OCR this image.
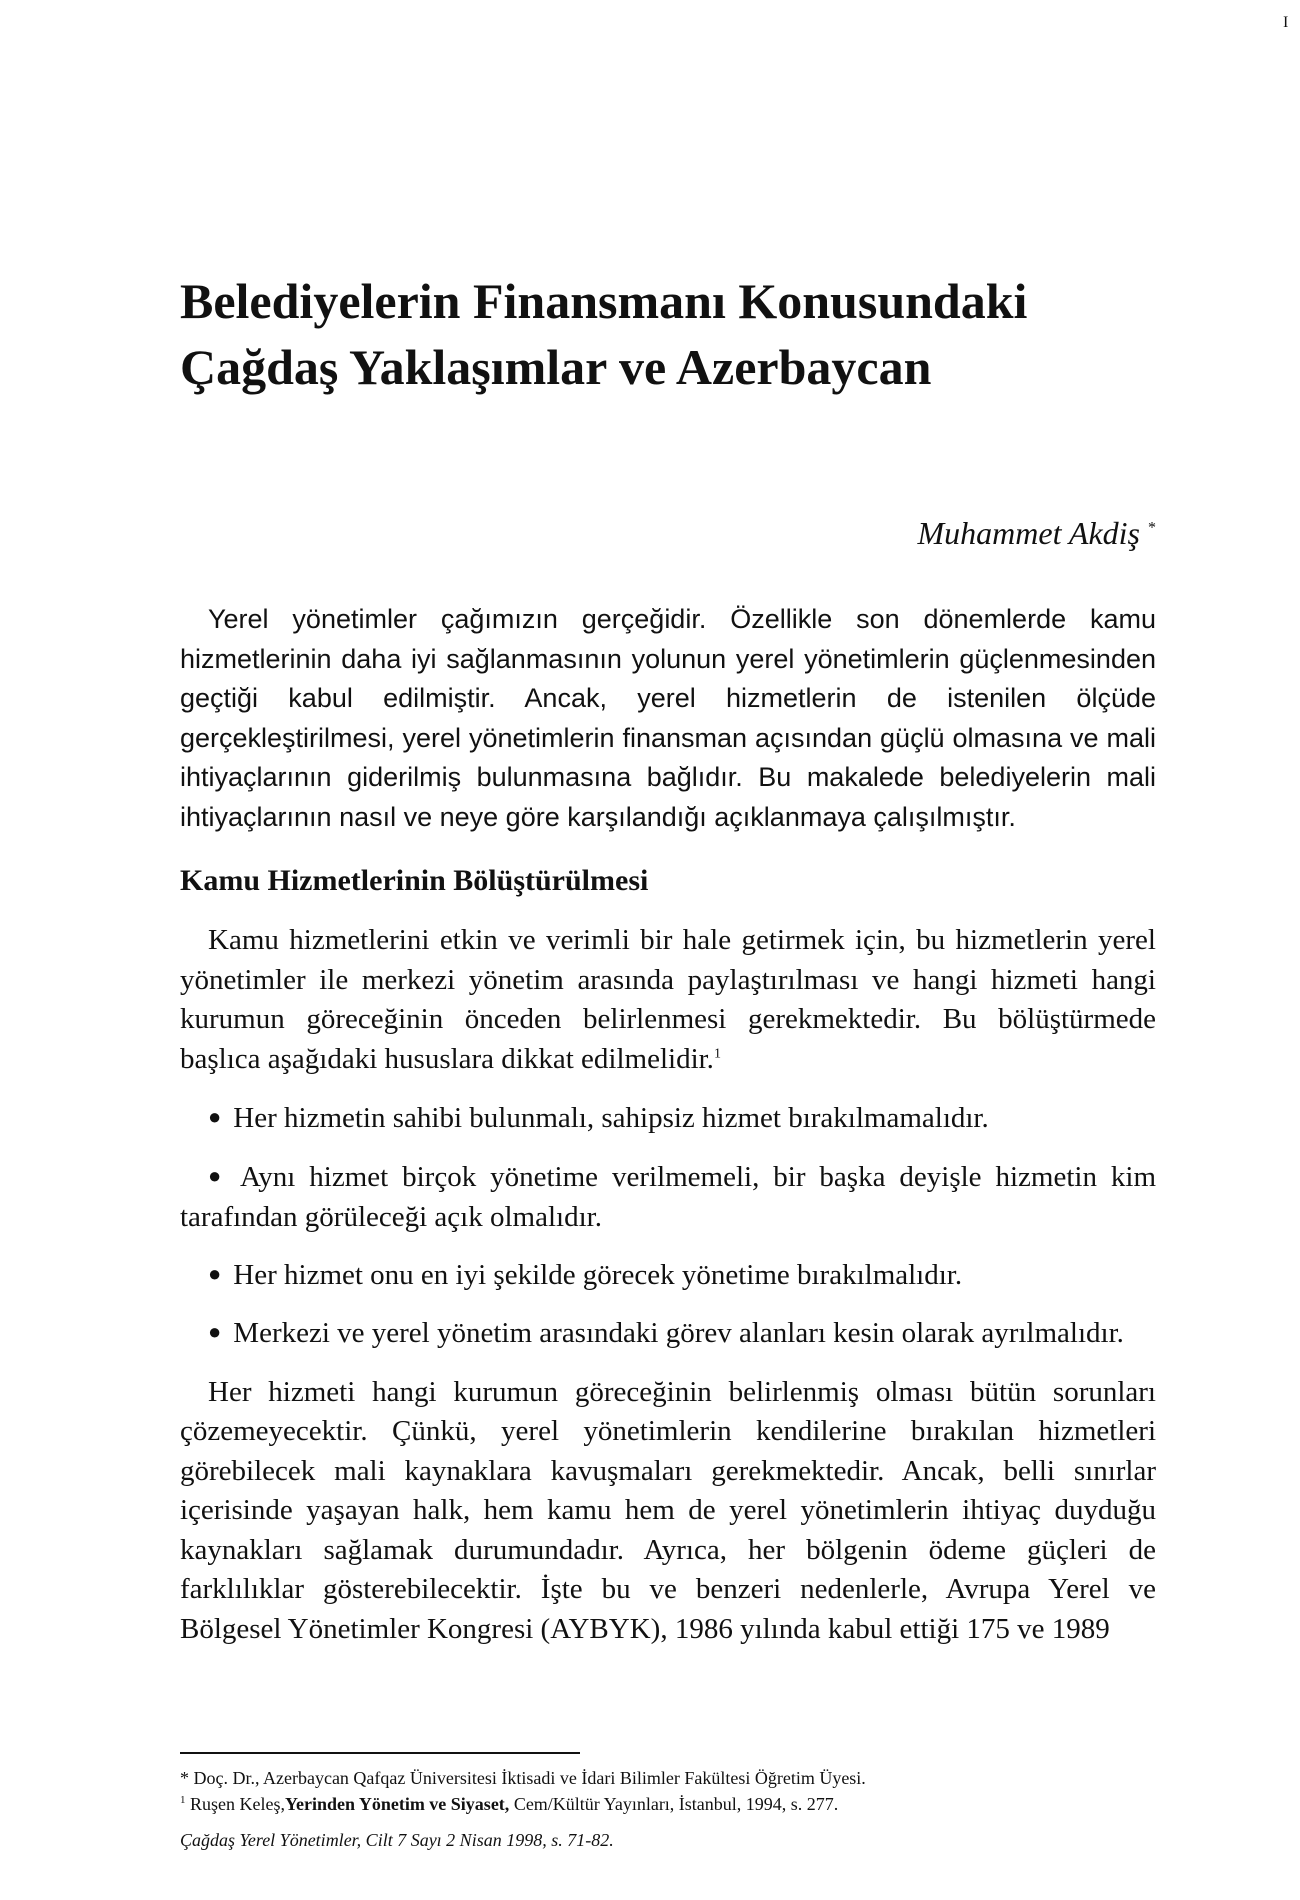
I
Belediyelerin Finansmanı Konusundaki
Çağdaş Yaklaşımlar ve Azerbaycan

Muhammet Akdiş *

Yerel yönetimler çağımızın gerçeğidir. Özellikle son dönemlerde kamu hizmetlerinin daha iyi sağlanmasının yolunun yerel yönetimlerin güçlenmesinden geçtiği kabul edilmiştir. Ancak, yerel hizmetlerin de istenilen ölçüde gerçekleştirilmesi, yerel yönetimlerin finansman açısından güçlü olmasına ve mali ihtiyaçlarının giderilmiş bulunmasına bağlıdır. Bu makalede belediyelerin mali ihtiyaçlarının nasıl ve neye göre karşılandığı açıklanmaya çalışılmıştır.

Kamu Hizmetlerinin Bölüştürülmesi

Kamu hizmetlerini etkin ve verimli bir hale getirmek için, bu hizmetlerin yerel yönetimler ile merkezi yönetim arasında paylaştırılması ve hangi hizmeti hangi kurumun göreceğinin önceden belirlenmesi gerekmektedir. Bu bölüştürmede başlıca aşağıdaki hususlara dikkat edilmelidir.$^1$

● Her hizmetin sahibi bulunmalı, sahipsiz hizmet bırakılmamalıdır.
● Aynı hizmet birçok yönetime verilmemeli, bir başka deyişle hizmetin kim tarafından görüleceği açık olmalıdır.
● Her hizmet onu en iyi şekilde görecek yönetime bırakılmalıdır.
● Merkezi ve yerel yönetim arasındaki görev alanları kesin olarak ayrılmalıdır.

Her hizmeti hangi kurumun göreceğinin belirlenmiş olması bütün sorunları çözemeyecektir. Çünkü, yerel yönetimlerin kendilerine bırakılan hizmetleri görebilecek mali kaynaklara kavuşmaları gerekmektedir. Ancak, belli sınırlar içerisinde yaşayan halk, hem kamu hem de yerel yönetimlerin ihtiyaç duyduğu kaynakları sağlamak durumundadır. Ayrıca, her bölgenin ödeme güçleri de farklılıklar gösterebilecektir. İşte bu ve benzeri nedenlerle, Avrupa Yerel ve Bölgesel Yönetimler Kongresi (AYBYK), 1986 yılında kabul ettiği 175 ve 1989

* Doç. Dr., Azerbaycan Qafqaz Üniversitesi İktisadi ve İdari Bilimler Fakültesi Öğretim Üyesi.

$^1$ Ruşen Keleş,Yerinden Yönetim ve Siyaset, Cem/Kültür Yayınları, İstanbul, 1994, s. 277.

Çağdaş Yerel Yönetimler, Cilt 7 Sayı 2 Nisan 1998, s. 71-82.
